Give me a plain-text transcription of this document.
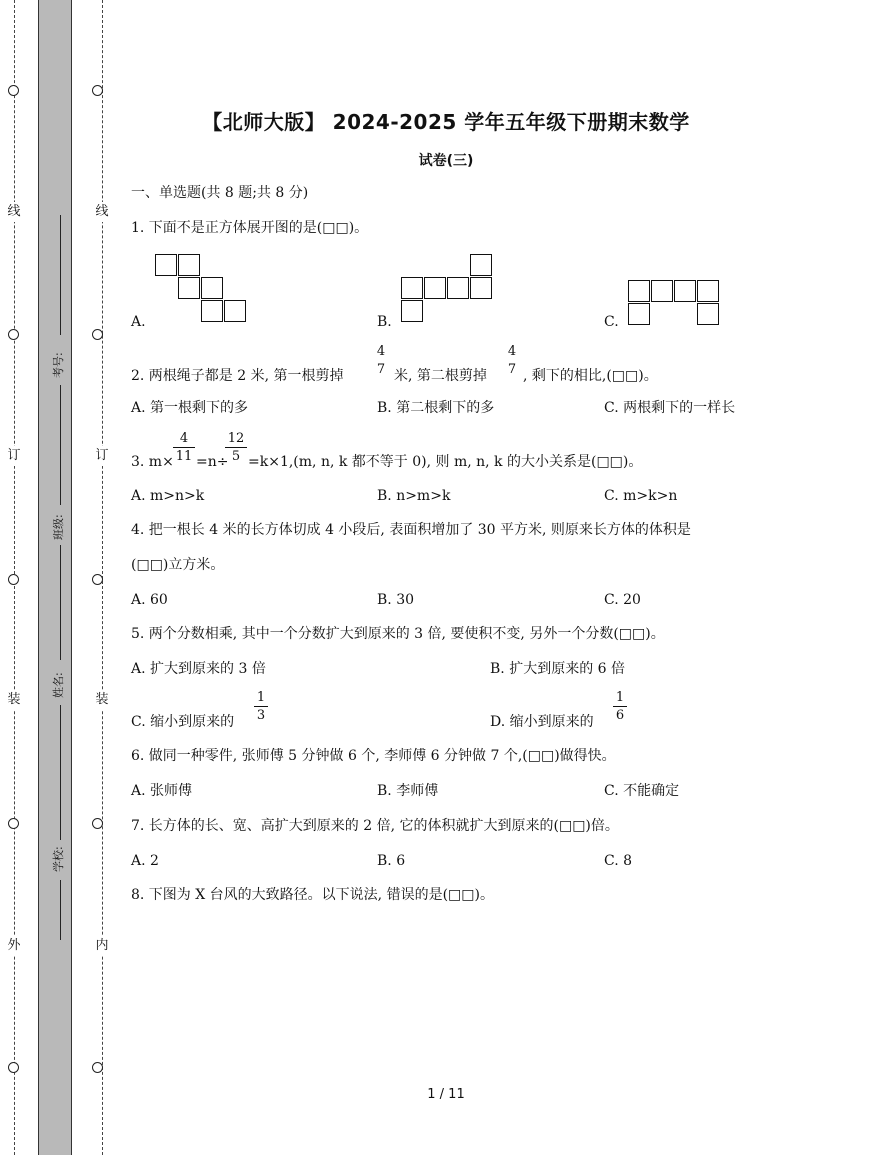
线
订
装
外
线
订
装
内
考号:
班级:
姓名:
学校:
【北师大版】 2024-2025 学年五年级下册期末数学
试卷(三)
一、单选题(共 8 题;共 8 分)
1. 下面不是正方体展开图的是(□□)。
A.	B.	C.
2. 两根绳子都是 2 米, 第一根剪掉
4
7 米, 第二根剪掉
4
7 , 剩下的相比,(□□)。
A. 第一根剩下的多	B. 第二根剩下的多	C. 两根剩下的一样长
3. m×
4
11 =n÷
12
5 =k×1,(m, n, k 都不等于 0), 则 m, n, k 的大小关系是(□□)。
A. m>n>k	B. n>m>k	C. m>k>n
4. 把一根长 4 米的长方体切成 4 小段后, 表面积增加了 30 平方米, 则原来长方体的体积是
(□□)立方米。
A. 60	B. 30	C. 20
5. 两个分数相乘, 其中一个分数扩大到原来的 3 倍, 要使积不变, 另外一个分数(□□)。
A. 扩大到原来的 3 倍	B. 扩大到原来的 6 倍
C. 缩小到原来的
1
3	D. 缩小到原来的
1
6
6. 做同一种零件, 张师傅 5 分钟做 6 个, 李师傅 6 分钟做 7 个,(□□)做得快。
A. 张师傅	B. 李师傅	C. 不能确定
7. 长方体的长、宽、高扩大到原来的 2 倍, 它的体积就扩大到原来的(□□)倍。
A. 2	B. 6	C. 8
8. 下图为 X 台风的大致路径。以下说法, 错误的是(□□)。
1 / 11
